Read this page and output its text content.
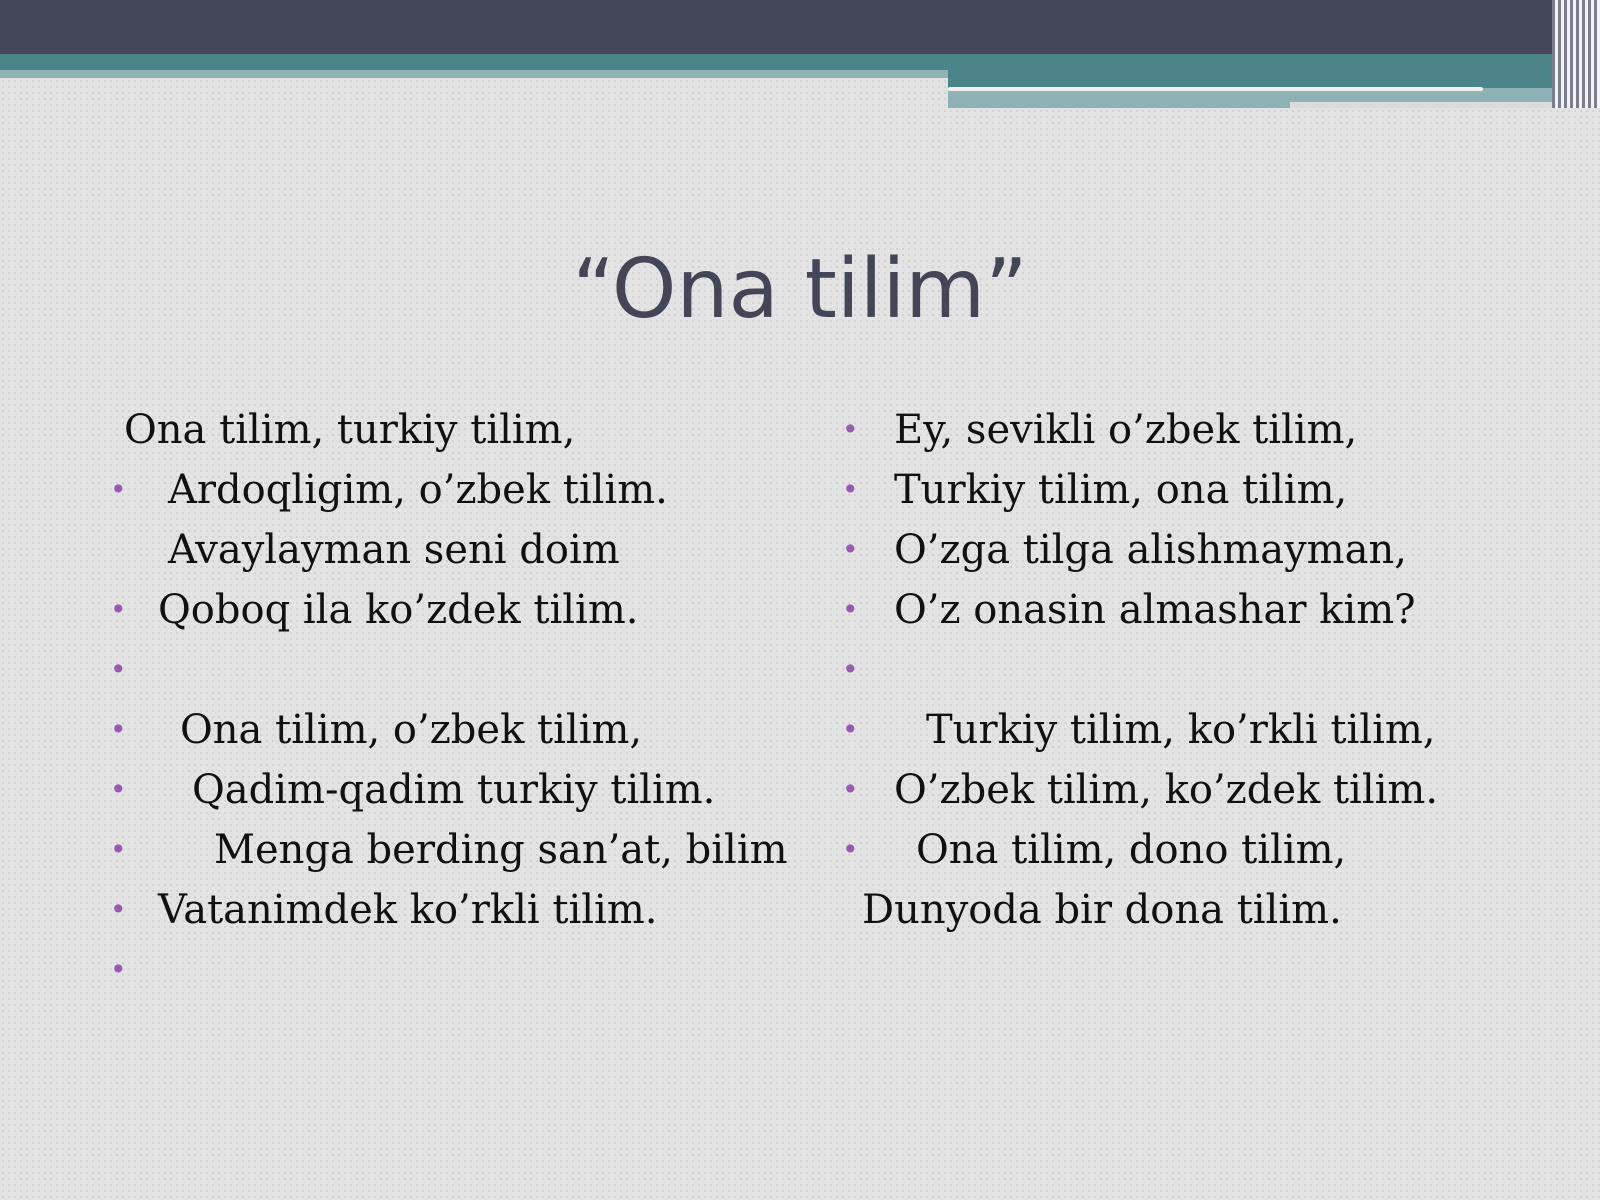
“Ona tilim”
Ona tilim, turkiy tilim,
• Ardoqligim, o’zbek tilim.
Avaylayman seni doim
• Qoboq ila ko’zdek tilim.
•
• Ona tilim, o’zbek tilim,
• Qadim-qadim turkiy tilim.
• Menga berding san’at, bilim
• Vatanimdek ko’rkli tilim.
•
• Ey, sevikli o’zbek tilim,
• Turkiy tilim, ona tilim,
• O’zga tilga alishmayman,
• O’z onasin almashar kim?
•
• Turkiy tilim, ko’rkli tilim,
• O’zbek tilim, ko’zdek tilim.
• Ona tilim, dono tilim,
Dunyoda bir dona tilim.
